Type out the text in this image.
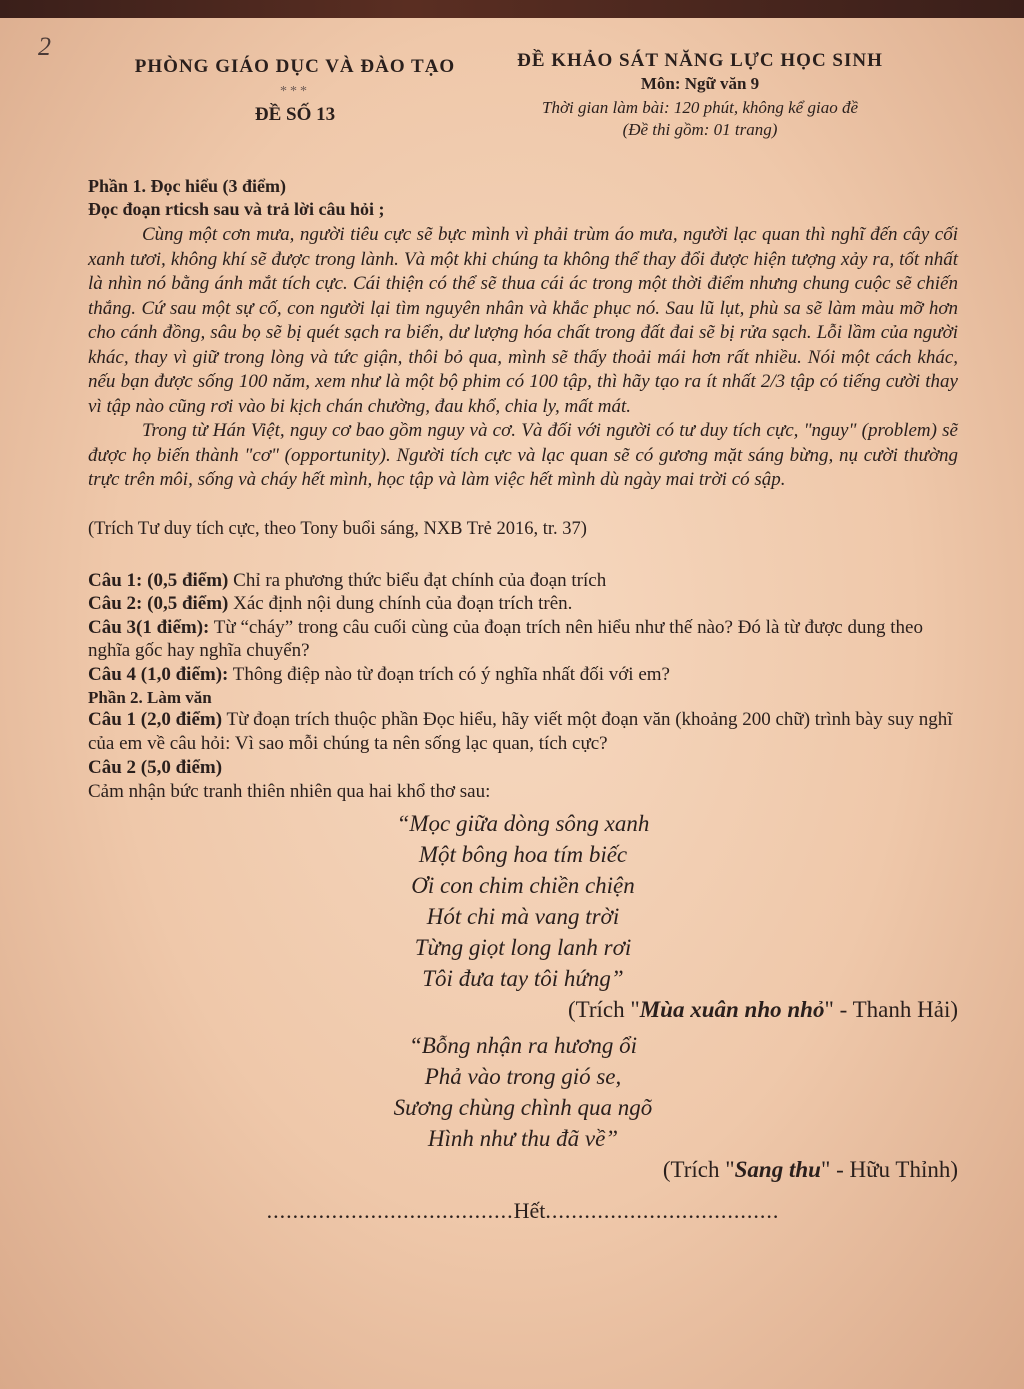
2
PHÒNG GIÁO DỤC VÀ ĐÀO TẠO
***
ĐỀ SỐ 13
ĐỀ KHẢO SÁT NĂNG LỰC HỌC SINH
Môn: Ngữ văn 9
Thời gian làm bài: 120 phút, không kể giao đề
(Đề thi gồm: 01 trang)
Phần 1. Đọc hiểu (3 điểm)
Đọc đoạn rticsh sau và trả lời câu hỏi ;

Cùng một cơn mưa, người tiêu cực sẽ bực mình vì phải trùm áo mưa, người lạc quan thì nghĩ đến cây cối xanh tươi, không khí sẽ được trong lành. Và một khi chúng ta không thể thay đổi được hiện tượng xảy ra, tốt nhất là nhìn nó bằng ánh mắt tích cực. Cái thiện có thể sẽ thua cái ác trong một thời điểm nhưng chung cuộc sẽ chiến thắng. Cứ sau một sự cố, con người lại tìm nguyên nhân và khắc phục nó. Sau lũ lụt, phù sa sẽ làm màu mỡ hơn cho cánh đồng, sâu bọ sẽ bị quét sạch ra biển, dư lượng hóa chất trong đất đai sẽ bị rửa sạch. Lỗi lầm của người khác, thay vì giữ trong lòng và tức giận, thôi bỏ qua, mình sẽ thấy thoải mái hơn rất nhiều. Nói một cách khác, nếu bạn được sống 100 năm, xem như là một bộ phim có 100 tập, thì hãy tạo ra ít nhất 2/3 tập có tiếng cười thay vì tập nào cũng rơi vào bi kịch chán chường, đau khổ, chia ly, mất mát.

Trong từ Hán Việt, nguy cơ bao gồm nguy và cơ. Và đối với người có tư duy tích cực, "nguy" (problem) sẽ được họ biến thành "cơ" (opportunity). Người tích cực và lạc quan sẽ có gương mặt sáng bừng, nụ cười thường trực trên môi, sống và cháy hết mình, học tập và làm việc hết mình dù ngày mai trời có sập.

(Trích Tư duy tích cực, theo Tony buổi sáng, NXB Trẻ 2016, tr. 37)

Câu 1: (0,5 điểm) Chỉ ra phương thức biểu đạt chính của đoạn trích

Câu 2: (0,5 điểm) Xác định nội dung chính của đoạn trích trên.

Câu 3(1 điểm): Từ “cháy” trong câu cuối cùng của đoạn trích nên hiểu như thế nào? Đó là từ được dung theo nghĩa gốc hay nghĩa chuyển?

Câu 4 (1,0 điểm): Thông điệp nào từ đoạn trích có ý nghĩa nhất đối với em?

Phần 2. Làm văn
Câu 1 (2,0 điểm) Từ đoạn trích thuộc phần Đọc hiểu, hãy viết một đoạn văn (khoảng 200 chữ) trình bày suy nghĩ của em về câu hỏi: Vì sao mỗi chúng ta nên sống lạc quan, tích cực?
Câu 2 (5,0 điểm)
Cảm nhận bức tranh thiên nhiên qua hai khổ thơ sau:
“Mọc giữa dòng sông xanh
Một bông hoa tím biếc
Ơi con chim chiền chiện
Hót chi mà vang trời
Từng giọt long lanh rơi
Tôi đưa tay tôi hứng”
(Trích "Mùa xuân nho nhỏ" - Thanh Hải)
“Bỗng nhận ra hương ổi
Phả vào trong gió se,
Sương chùng chình qua ngõ
Hình như thu đã về”
(Trích "Sang thu" - Hữu Thỉnh)
......................................Hết....................................
